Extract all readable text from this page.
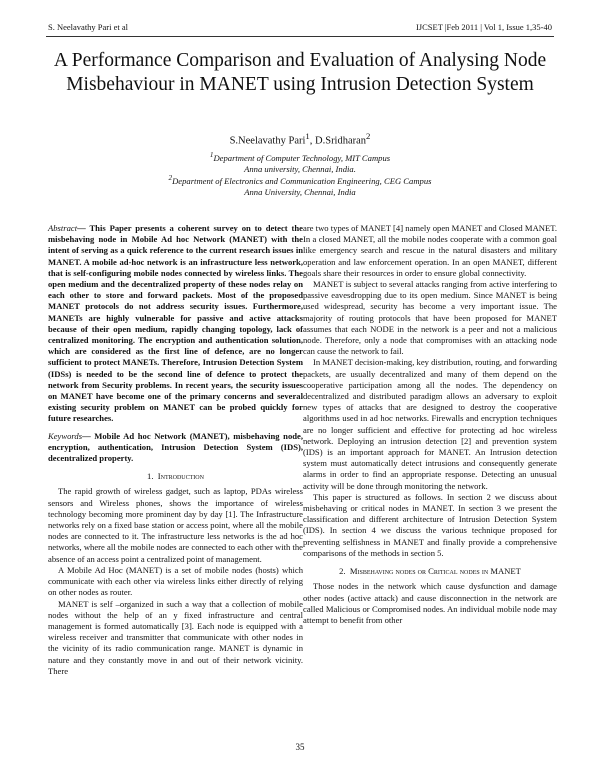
S. Neelavathy Pari et al	IJCSET |Feb 2011 | Vol 1, Issue 1,35-40
A Performance Comparison and Evaluation of Analysing Node Misbehaviour in MANET using Intrusion Detection System
S.Neelavathy Pari$^1$, D.Sridharan$^2$
$^1$Department of Computer Technology, MIT Campus
Anna university, Chennai, India.
$^2$Department of Electronics and Communication Engineering, CEG Campus
Anna University, Chennai, India

Abstract— This Paper presents a coherent survey on to detect the misbehaving node in Mobile Ad hoc Network (MANET) with the intent of serving as a quick reference to the current research issues in MANET. A mobile ad-hoc network is an infrastructure less network, that is self-configuring mobile nodes connected by wireless links. The open medium and the decentralized property of these nodes relay on each other to store and forward packets. Most of the proposed MANET protocols do not address security issues. Furthermore, MANETs are highly vulnerable for passive and active attacks because of their open medium, rapidly changing topology, lack of centralized monitoring. The encryption and authentication solution, which are considered as the first line of defence, are no longer sufficient to protect MANETs. Therefore, Intrusion Detection System (IDSs) is needed to be the second line of defence to protect the network from Security problems. In recent years, the security issues on MANET have become one of the primary concerns and several existing security problem on MANET can be probed quickly for future researches.

Keywords— Mobile Ad hoc Network (MANET), misbehaving node, encryption, authentication, Intrusion Detection System (IDS), decentralized property.

1. Introduction

The rapid growth of wireless gadget, such as laptop, PDAs wireless sensors and Wireless phones, shows the importance of wireless technology becoming more prominent day by day [1]. The Infrastructure networks rely on a fixed base station or access point, where all the mobile nodes are connected to it. The infrastructure less networks is the ad hoc networks, where all the mobile nodes are connected to each other with the absence of an access point a centralized point of management.

A Mobile Ad Hoc (MANET) is a set of mobile nodes (hosts) which communicate with each other via wireless links either directly of relying on other nodes as router.

MANET is self –organized in such a way that a collection of mobile nodes without the help of an y fixed infrastructure and central management is formed automatically [3]. Each node is equipped with a wireless receiver and transmitter that communicate with other nodes in the vicinity of its radio communication range. MANET is dynamic in nature and they constantly move in and out of their network vicinity. There

are two types of MANET [4] namely open MANET and Closed MANET. In a closed MANET, all the mobile nodes cooperate with a common goal like emergency search and rescue in the natural disasters and military operation and law enforcement operation. In an open MANET, different goals share their resources in order to ensure global connectivity.

MANET is subject to several attacks ranging from active interfering to passive eavesdropping due to its open medium. Since MANET is being used widespread, security has become a very important issue. The majority of routing protocols that have been proposed for MANET assumes that each NODE in the network is a peer and not a malicious node. Therefore, only a node that compromises with an attacking node can cause the network to fail.

In MANET decision-making, key distribution, routing, and forwarding packets, are usually decentralized and many of them depend on the cooperative participation among all the nodes. The dependency on decentralized and distributed paradigm allows an adversary to exploit new types of attacks that are designed to destroy the cooperative algorithms used in ad hoc networks. Firewalls and encryption techniques are no longer sufficient and effective for protecting ad hoc wireless network. Deploying an intrusion detection [2] and prevention system (IDS) is an important approach for MANET. An Intrusion detection system must automatically detect intrusions and consequently generate alarms in order to find an appropriate response. Detecting an unusual activity will be done through monitoring the network.

This paper is structured as follows. In section 2 we discuss about misbehaving or critical nodes in MANET. In section 3 we present the classification and different architecture of Intrusion Detection System (IDS). In section 4 we discuss the various technique proposed for preventing selfishness in MANET and finally provide a comprehensive comparisons of the methods in section 5.

2. Misbehaving nodes or Critical nodes in MANET

Those nodes in the network which cause dysfunction and damage other nodes (active attack) and cause disconnection in the network are called Malicious or Compromised nodes. An individual mobile node may attempt to benefit from other

35
